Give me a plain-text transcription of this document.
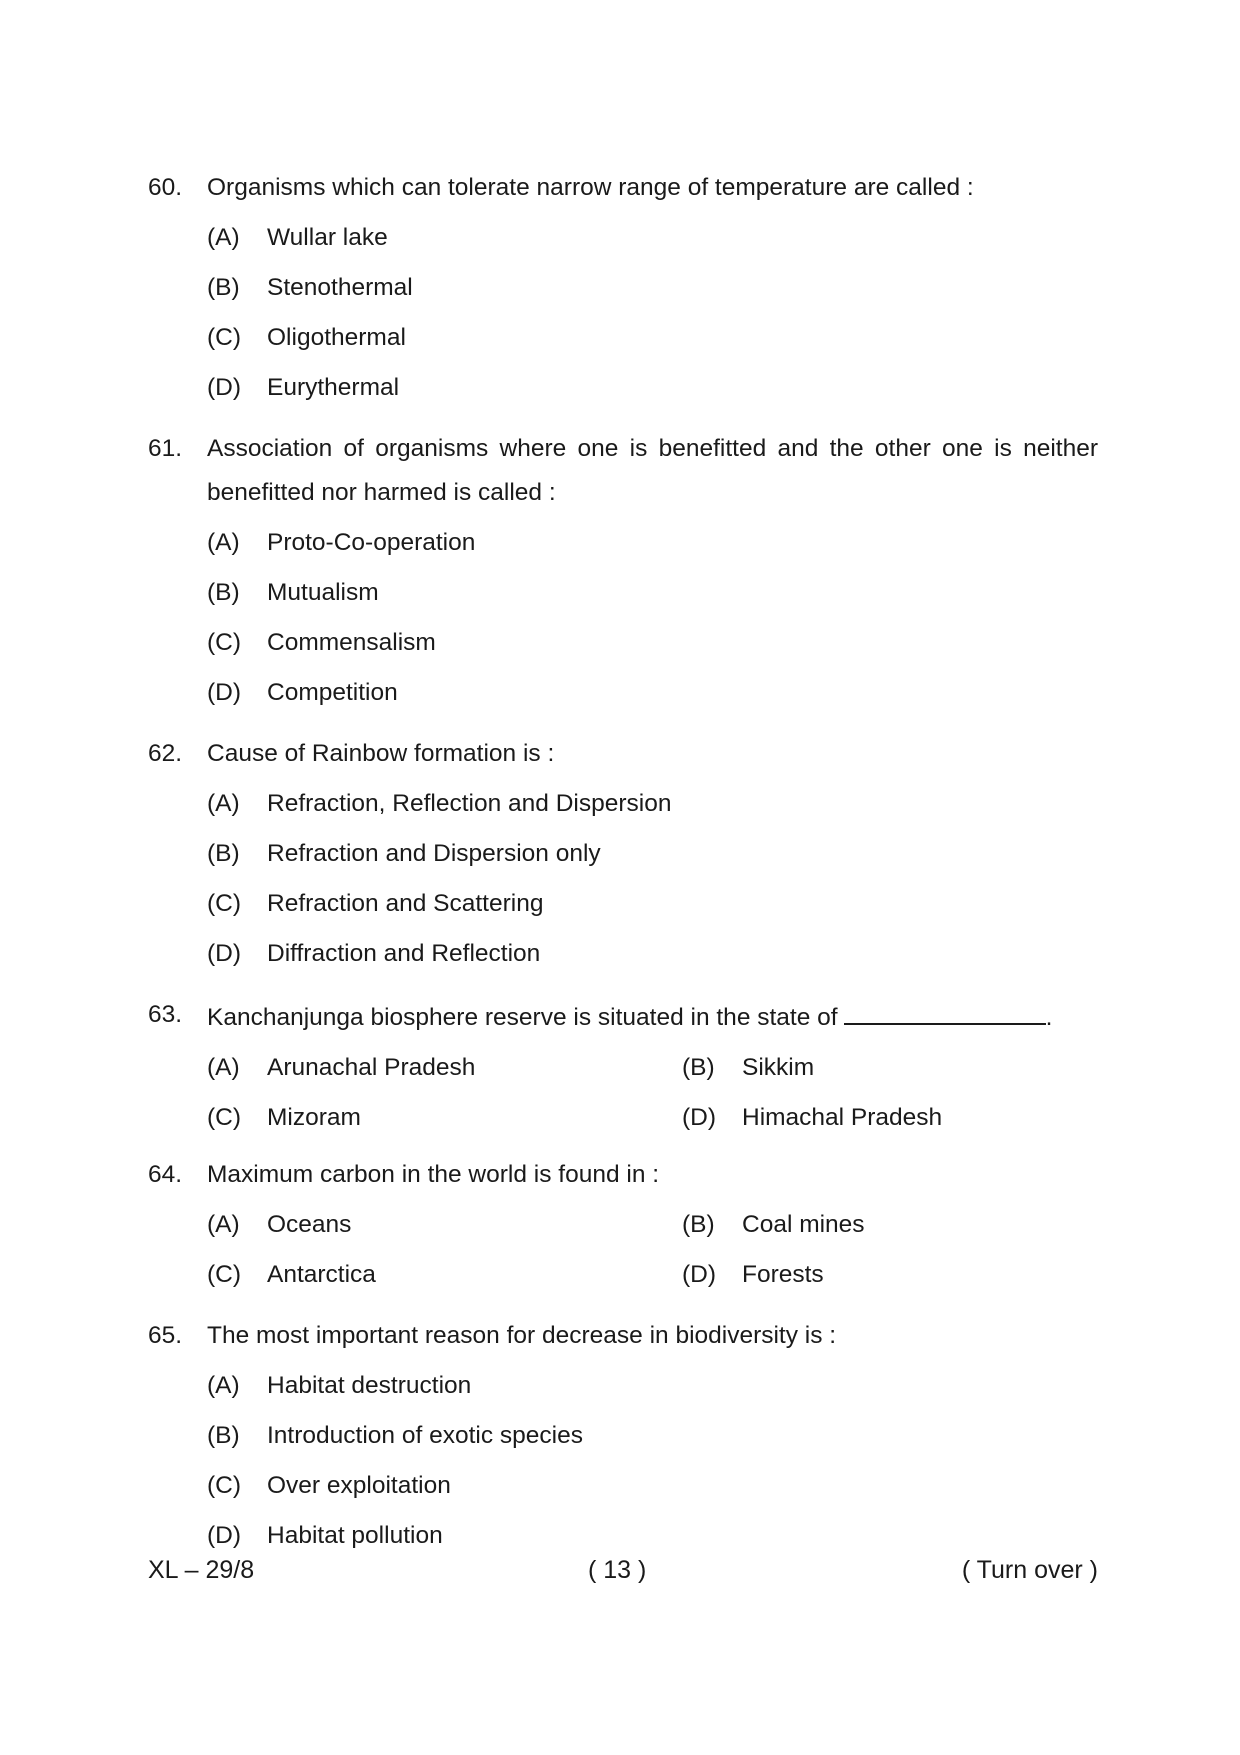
60.	Organisms which can tolerate narrow range of temperature are called :
(A)	Wullar lake
(B)	Stenothermal
(C)	Oligothermal
(D)	Eurythermal
61.	Association of organisms where one is benefitted and the other one is neither benefitted nor harmed is called :
(A)	Proto-Co-operation
(B)	Mutualism
(C)	Commensalism
(D)	Competition
62.	Cause of Rainbow formation is :
(A)	Refraction, Reflection and Dispersion
(B)	Refraction and Dispersion only
(C)	Refraction and Scattering
(D)	Diffraction and Reflection
63.	Kanchanjunga biosphere reserve is situated in the state of	.
(A)	Arunachal Pradesh	(B)	Sikkim
(C)	Mizoram	(D)	Himachal Pradesh
64.	Maximum carbon in the world is found in :
(A)	Oceans	(B)	Coal mines
(C)	Antarctica	(D)	Forests
65.	The most important reason for decrease in biodiversity is :
(A)	Habitat destruction
(B)	Introduction of exotic species
(C)	Over exploitation
(D)	Habitat pollution
XL – 29/8	( 13 )	( Turn over )
